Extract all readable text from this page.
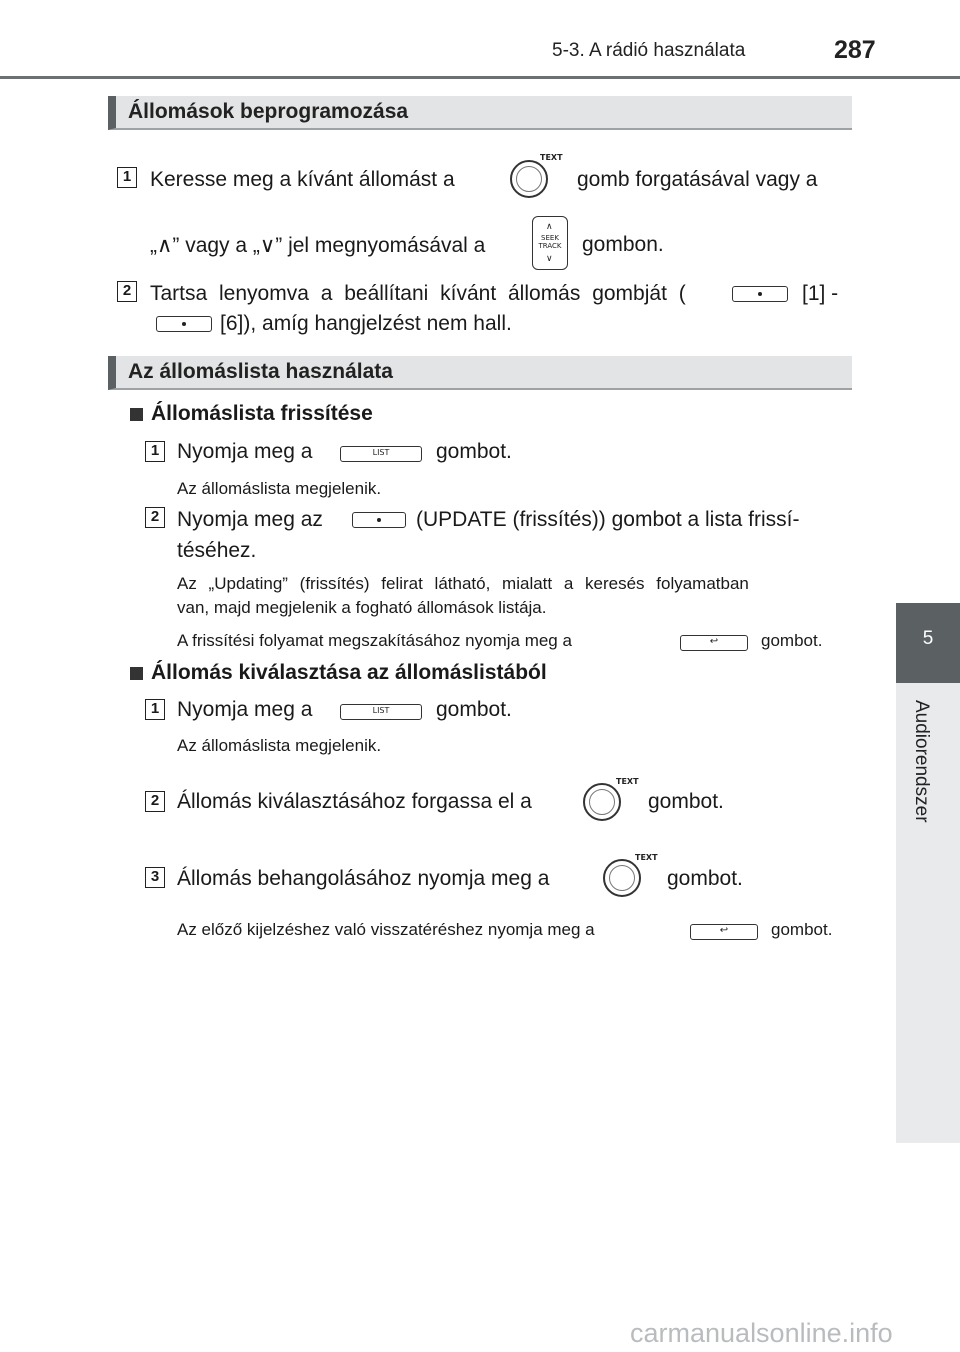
5-3. A rádió használata	287
5
Audiorendszer
Állomások beprogramozása
1 Keresse meg a kívánt állomást a
TEXT
gomb forgatásával vagy a
„∧” vagy a „∨” jel megnyomásával a
∧
SEEK
TRACK
∨
gombon.
2 Tartsa lenyomva a beállítani kívánt állomás gombját (	[1] -
[6]), amíg hangjelzést nem hall.
Az állomáslista használata
Állomáslista frissítése
1 Nyomja meg a	LIST	gombot.
Az állomáslista megjelenik.
2 Nyomja meg az	(UPDATE (frissítés)) gombot a lista frissí-
téséhez.
Az „Updating” (frissítés) felirat látható, mialatt a keresés folyamatban
van, majd megjelenik a fogható állomások listája.
A frissítési folyamat megszakításához nyomja meg a	↩	gombot.
Állomás kiválasztása az állomáslistából
1 Nyomja meg a	LIST	gombot.
Az állomáslista megjelenik.
2 Állomás kiválasztásához forgassa el a
TEXT
gombot.
3 Állomás behangolásához nyomja meg a
TEXT
gombot.
Az előző kijelzéshez való visszatéréshez nyomja meg a	↩	gombot.
carmanualsonline.info
